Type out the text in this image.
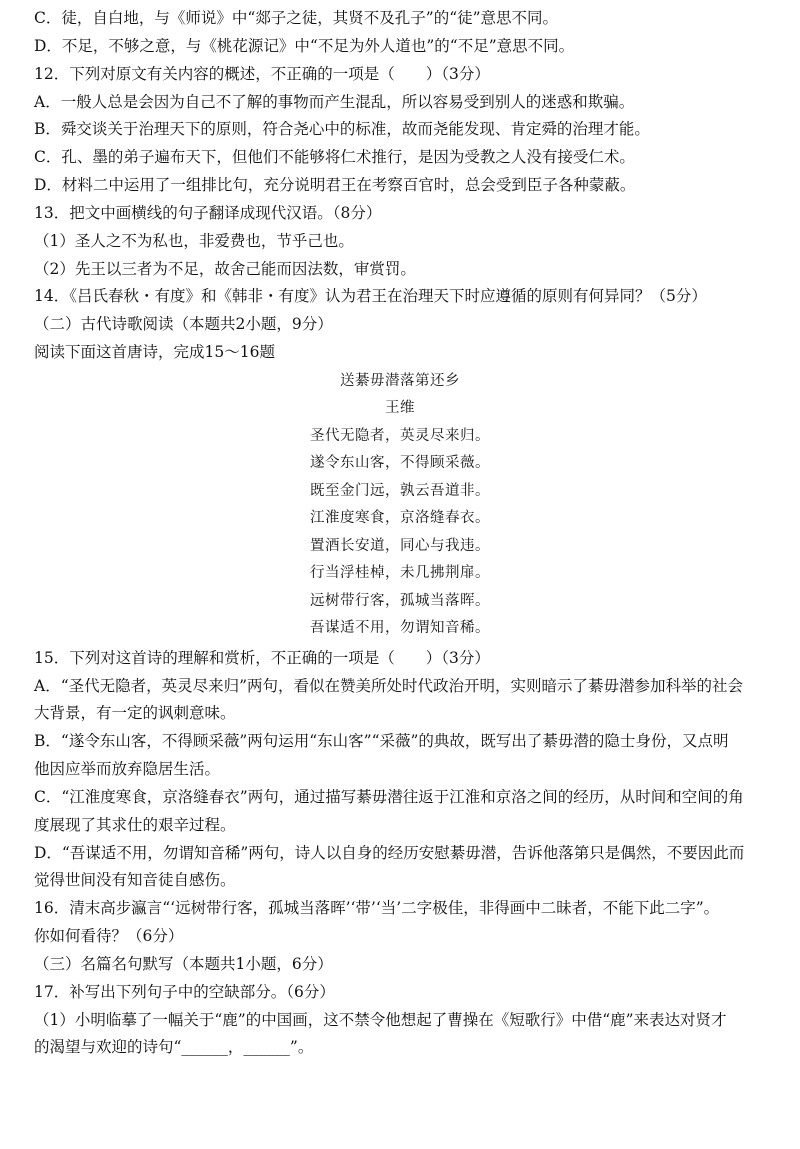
C．徒，自白地，与《师说》中“郯子之徒，其贤不及孔子”的“徒”意思不同。
D．不足，不够之意，与《桃花源记》中“不足为外人道也”的“不足”意思不同。
12．下列对原文有关内容的概述，不正确的一项是（　　）（3分）
A．一般人总是会因为自己不了解的事物而产生混乱，所以容易受到别人的迷惑和欺骗。
B．舜交谈关于治理天下的原则，符合尧心中的标准，故而尧能发现、肯定舜的治理才能。
C．孔、墨的弟子遍布天下，但他们不能够将仁术推行，是因为受教之人没有接受仁术。
D．材料二中运用了一组排比句，充分说明君王在考察百官时，总会受到臣子各种蒙蔽。
13．把文中画横线的句子翻译成现代汉语。（8分）
（1）圣人之不为私也，非爱费也，节乎己也。
（2）先王以三者为不足，故舍己能而因法数，审赏罚。
14．《吕氏春秋・有度》和《韩非・有度》认为君王在治理天下时应遵循的原则有何异同？（5分）
（二）古代诗歌阅读（本题共2小题，9分）
阅读下面这首唐诗，完成15～16题
送綦毋潜落第还乡
王维
圣代无隐者，英灵尽来归。
遂令东山客，不得顾采薇。
既至金门远，孰云吾道非。
江淮度寒食，京洛缝春衣。
置酒长安道，同心与我违。
行当浮桂棹，未几拂荆扉。
远树带行客，孤城当落晖。
吾谋适不用，勿谓知音稀。
15．下列对这首诗的理解和赏析，不正确的一项是（　　）（3分）
A．“圣代无隐者，英灵尽来归”两句，看似在赞美所处时代政治开明，实则暗示了綦毋潜参加科举的社会
大背景，有一定的讽刺意味。
B．“遂令东山客，不得顾采薇”两句运用“东山客”“采薇”的典故，既写出了綦毋潜的隐士身份，又点明
他因应举而放弃隐居生活。
C．“江淮度寒食，京洛缝春衣”两句，通过描写綦毋潜往返于江淮和京洛之间的经历，从时间和空间的角
度展现了其求仕的艰辛过程。
D．“吾谋适不用，勿谓知音稀”两句，诗人以自身的经历安慰綦毋潜，告诉他落第只是偶然，不要因此而
觉得世间没有知音徒自感伤。
16．清末高步瀛言“‘远树带行客，孤城当落晖’‘带’‘当’二字极佳，非得画中二昧者，不能下此二字”。
你如何看待？（6分）
（三）名篇名句默写（本题共1小题，6分）
17．补写出下列句子中的空缺部分。（6分）
（1）小明临摹了一幅关于“鹿”的中国画，这不禁令他想起了曹操在《短歌行》中借“鹿”来表达对贤才
的渴望与欢迎的诗句“______，______”。
